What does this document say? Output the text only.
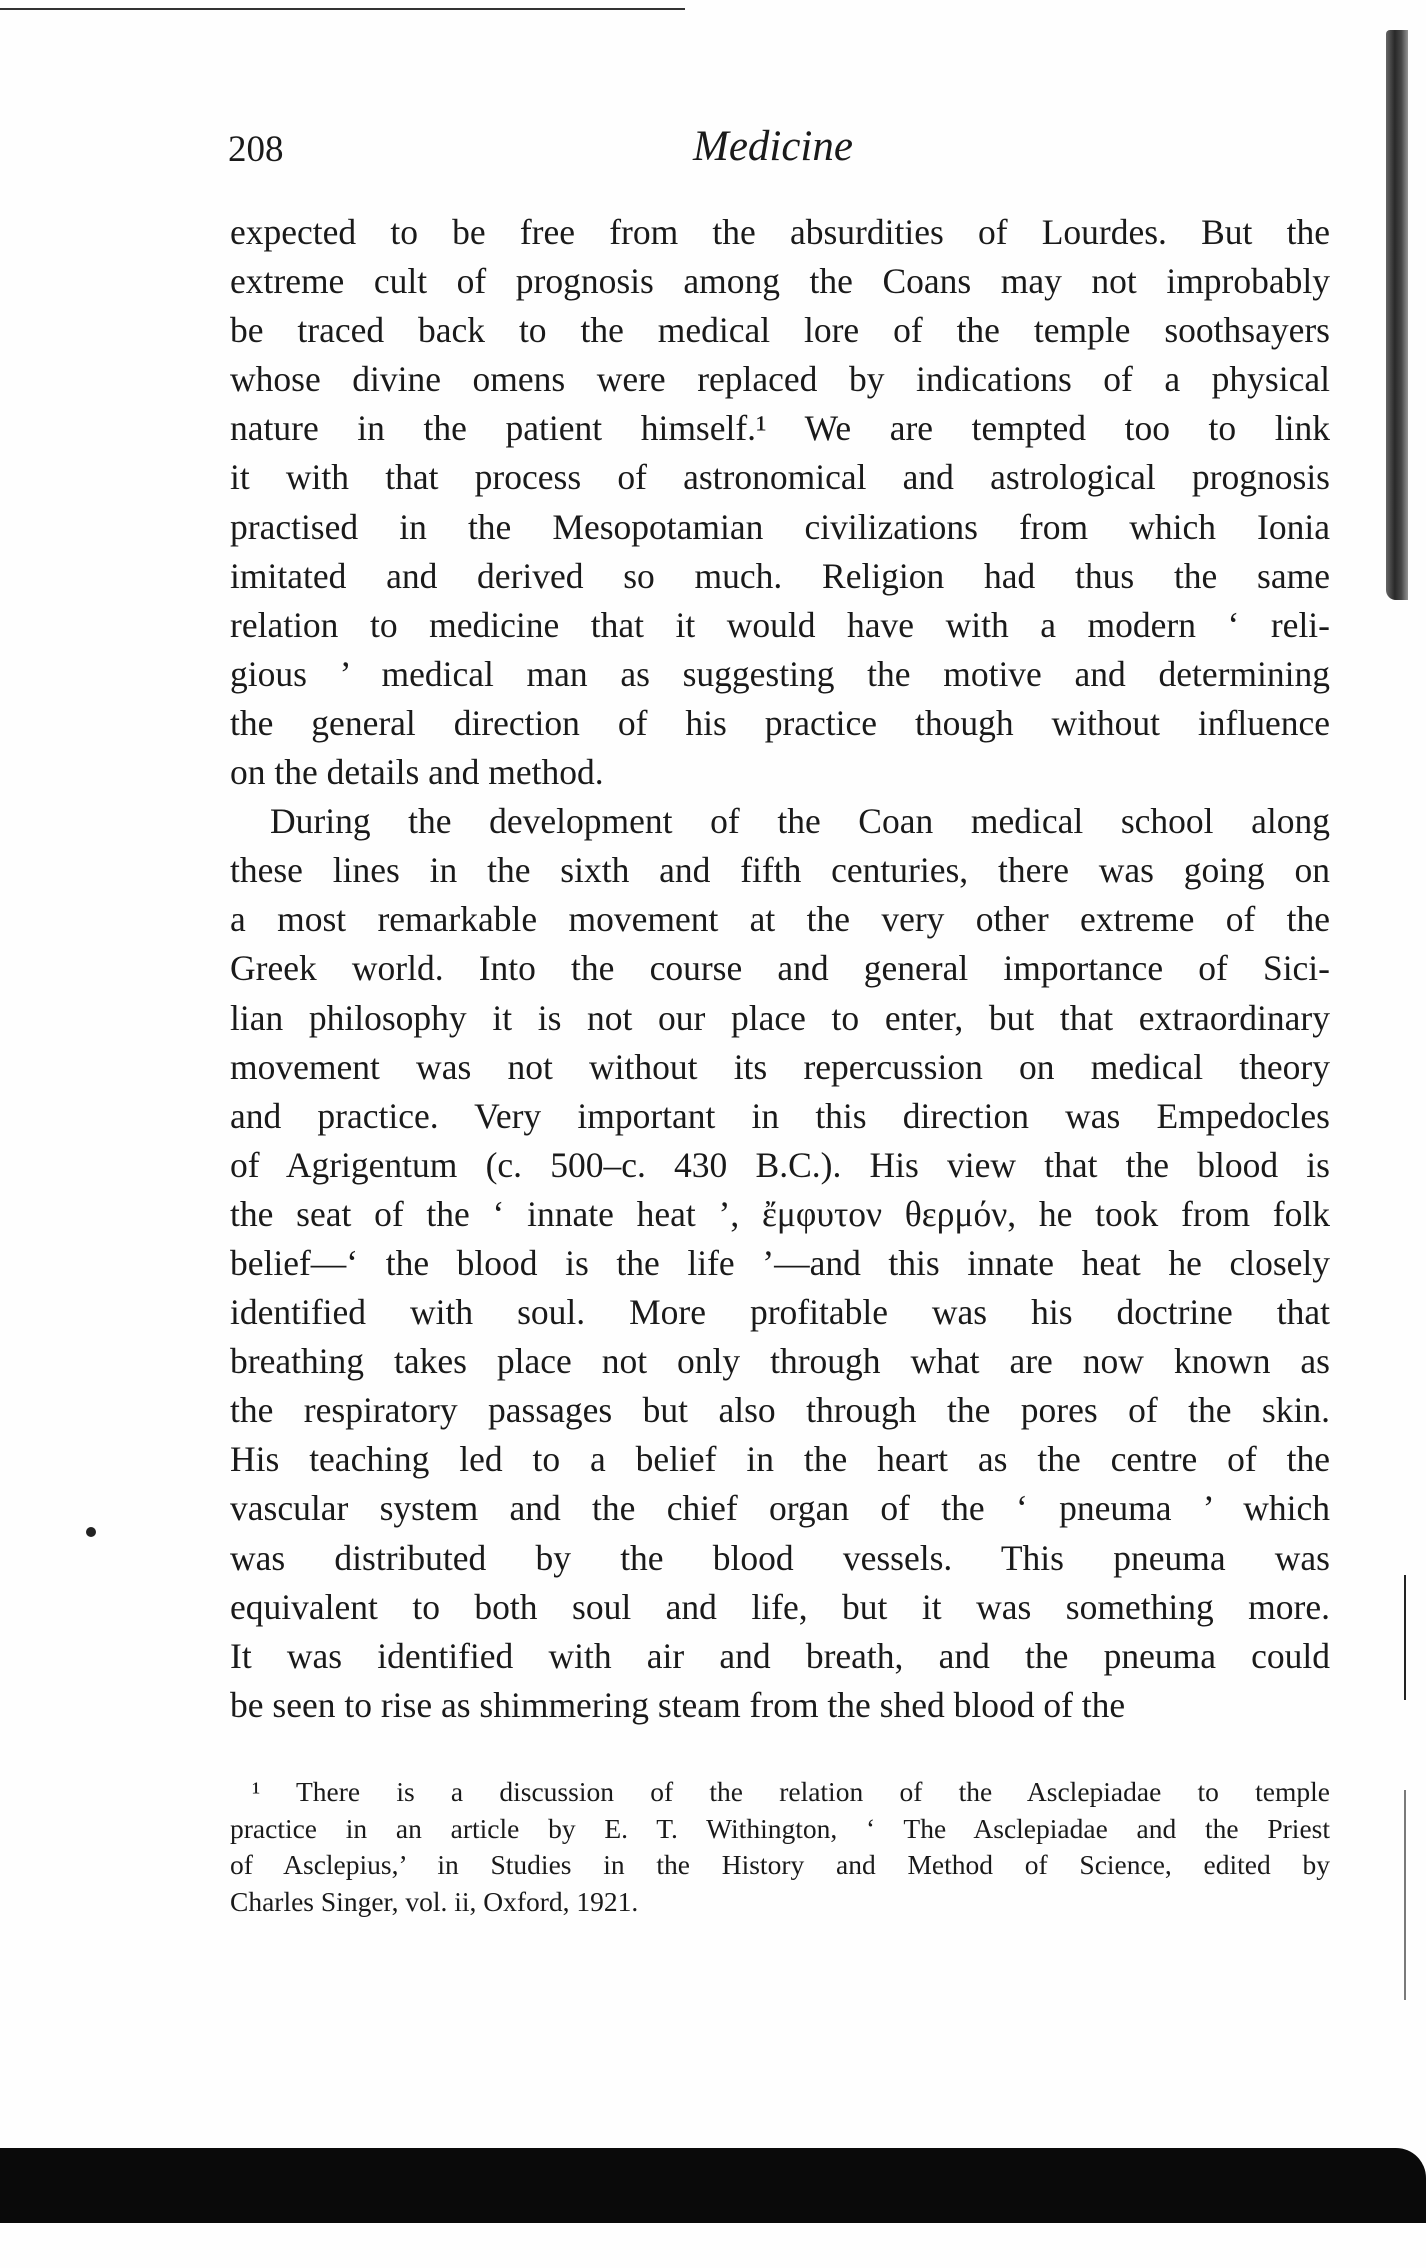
208	Medicine
expected to be free from the absurdities of Lourdes. But the
extreme cult of prognosis among the Coans may not improbably
be traced back to the medical lore of the temple soothsayers
whose divine omens were replaced by indications of a physical
nature in the patient himself.¹ We are tempted too to link
it with that process of astronomical and astrological prognosis
practised in the Mesopotamian civilizations from which Ionia
imitated and derived so much. Religion had thus the same
relation to medicine that it would have with a modern ‘ reli-
gious ’ medical man as suggesting the motive and determining
the general direction of his practice though without influence
on the details and method.
During the development of the Coan medical school along
these lines in the sixth and fifth centuries, there was going on
a most remarkable movement at the very other extreme of the
Greek world. Into the course and general importance of Sici-
lian philosophy it is not our place to enter, but that extraordinary
movement was not without its repercussion on medical theory
and practice. Very important in this direction was Empedocles
of Agrigentum (c. 500–c. 430 B.C.). His view that the blood is
the seat of the ‘ innate heat ’, ἔμφυτον θερμόν, he took from folk
belief—‘ the blood is the life ’—and this innate heat he closely
identified with soul. More profitable was his doctrine that
breathing takes place not only through what are now known as
the respiratory passages but also through the pores of the skin.
His teaching led to a belief in the heart as the centre of the
vascular system and the chief organ of the ‘ pneuma ’ which
was distributed by the blood vessels. This pneuma was
equivalent to both soul and life, but it was something more.
It was identified with air and breath, and the pneuma could
be seen to rise as shimmering steam from the shed blood of the
¹ There is a discussion of the relation of the Asclepiadae to temple
practice in an article by E. T. Withington, ‘ The Asclepiadae and the Priest
of Asclepius,’ in Studies in the History and Method of Science, edited by
Charles Singer, vol. ii, Oxford, 1921.
